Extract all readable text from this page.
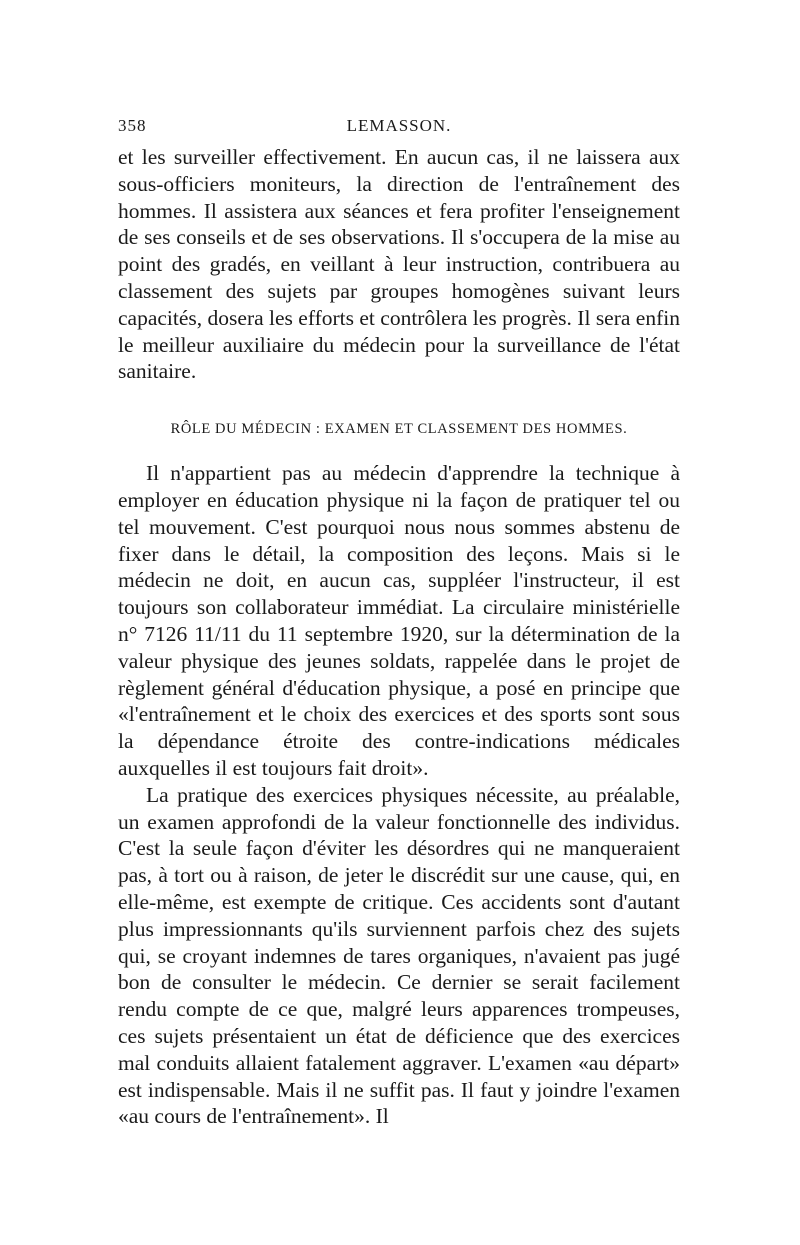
358	LEMASSON.

et les surveiller effectivement. En aucun cas, il ne laissera aux sous-officiers moniteurs, la direction de l'entraînement des hommes. Il assistera aux séances et fera profiter l'enseignement de ses conseils et de ses observations. Il s'occupera de la mise au point des gradés, en veillant à leur instruction, contribuera au classement des sujets par groupes homogènes suivant leurs capacités, dosera les efforts et contrôlera les progrès. Il sera enfin le meilleur auxiliaire du médecin pour la surveillance de l'état sanitaire.

RÔLE DU MÉDECIN : EXAMEN ET CLASSEMENT DES HOMMES.

Il n'appartient pas au médecin d'apprendre la technique à employer en éducation physique ni la façon de pratiquer tel ou tel mouvement. C'est pourquoi nous nous sommes abstenu de fixer dans le détail, la composition des leçons. Mais si le médecin ne doit, en aucun cas, suppléer l'instructeur, il est toujours son collaborateur immédiat. La circulaire ministérielle n° 7126 11/11 du 11 septembre 1920, sur la détermination de la valeur physique des jeunes soldats, rappelée dans le projet de règlement général d'éducation physique, a posé en principe que «l'entraînement et le choix des exercices et des sports sont sous la dépendance étroite des contre-indications médicales auxquelles il est toujours fait droit».

La pratique des exercices physiques nécessite, au préalable, un examen approfondi de la valeur fonctionnelle des individus. C'est la seule façon d'éviter les désordres qui ne manqueraient pas, à tort ou à raison, de jeter le discrédit sur une cause, qui, en elle-même, est exempte de critique. Ces accidents sont d'autant plus impressionnants qu'ils surviennent parfois chez des sujets qui, se croyant indemnes de tares organiques, n'avaient pas jugé bon de consulter le médecin. Ce dernier se serait facilement rendu compte de ce que, malgré leurs apparences trompeuses, ces sujets présentaient un état de déficience que des exercices mal conduits allaient fatalement aggraver. L'examen «au départ» est indispensable. Mais il ne suffit pas. Il faut y joindre l'examen «au cours de l'entraînement». Il
